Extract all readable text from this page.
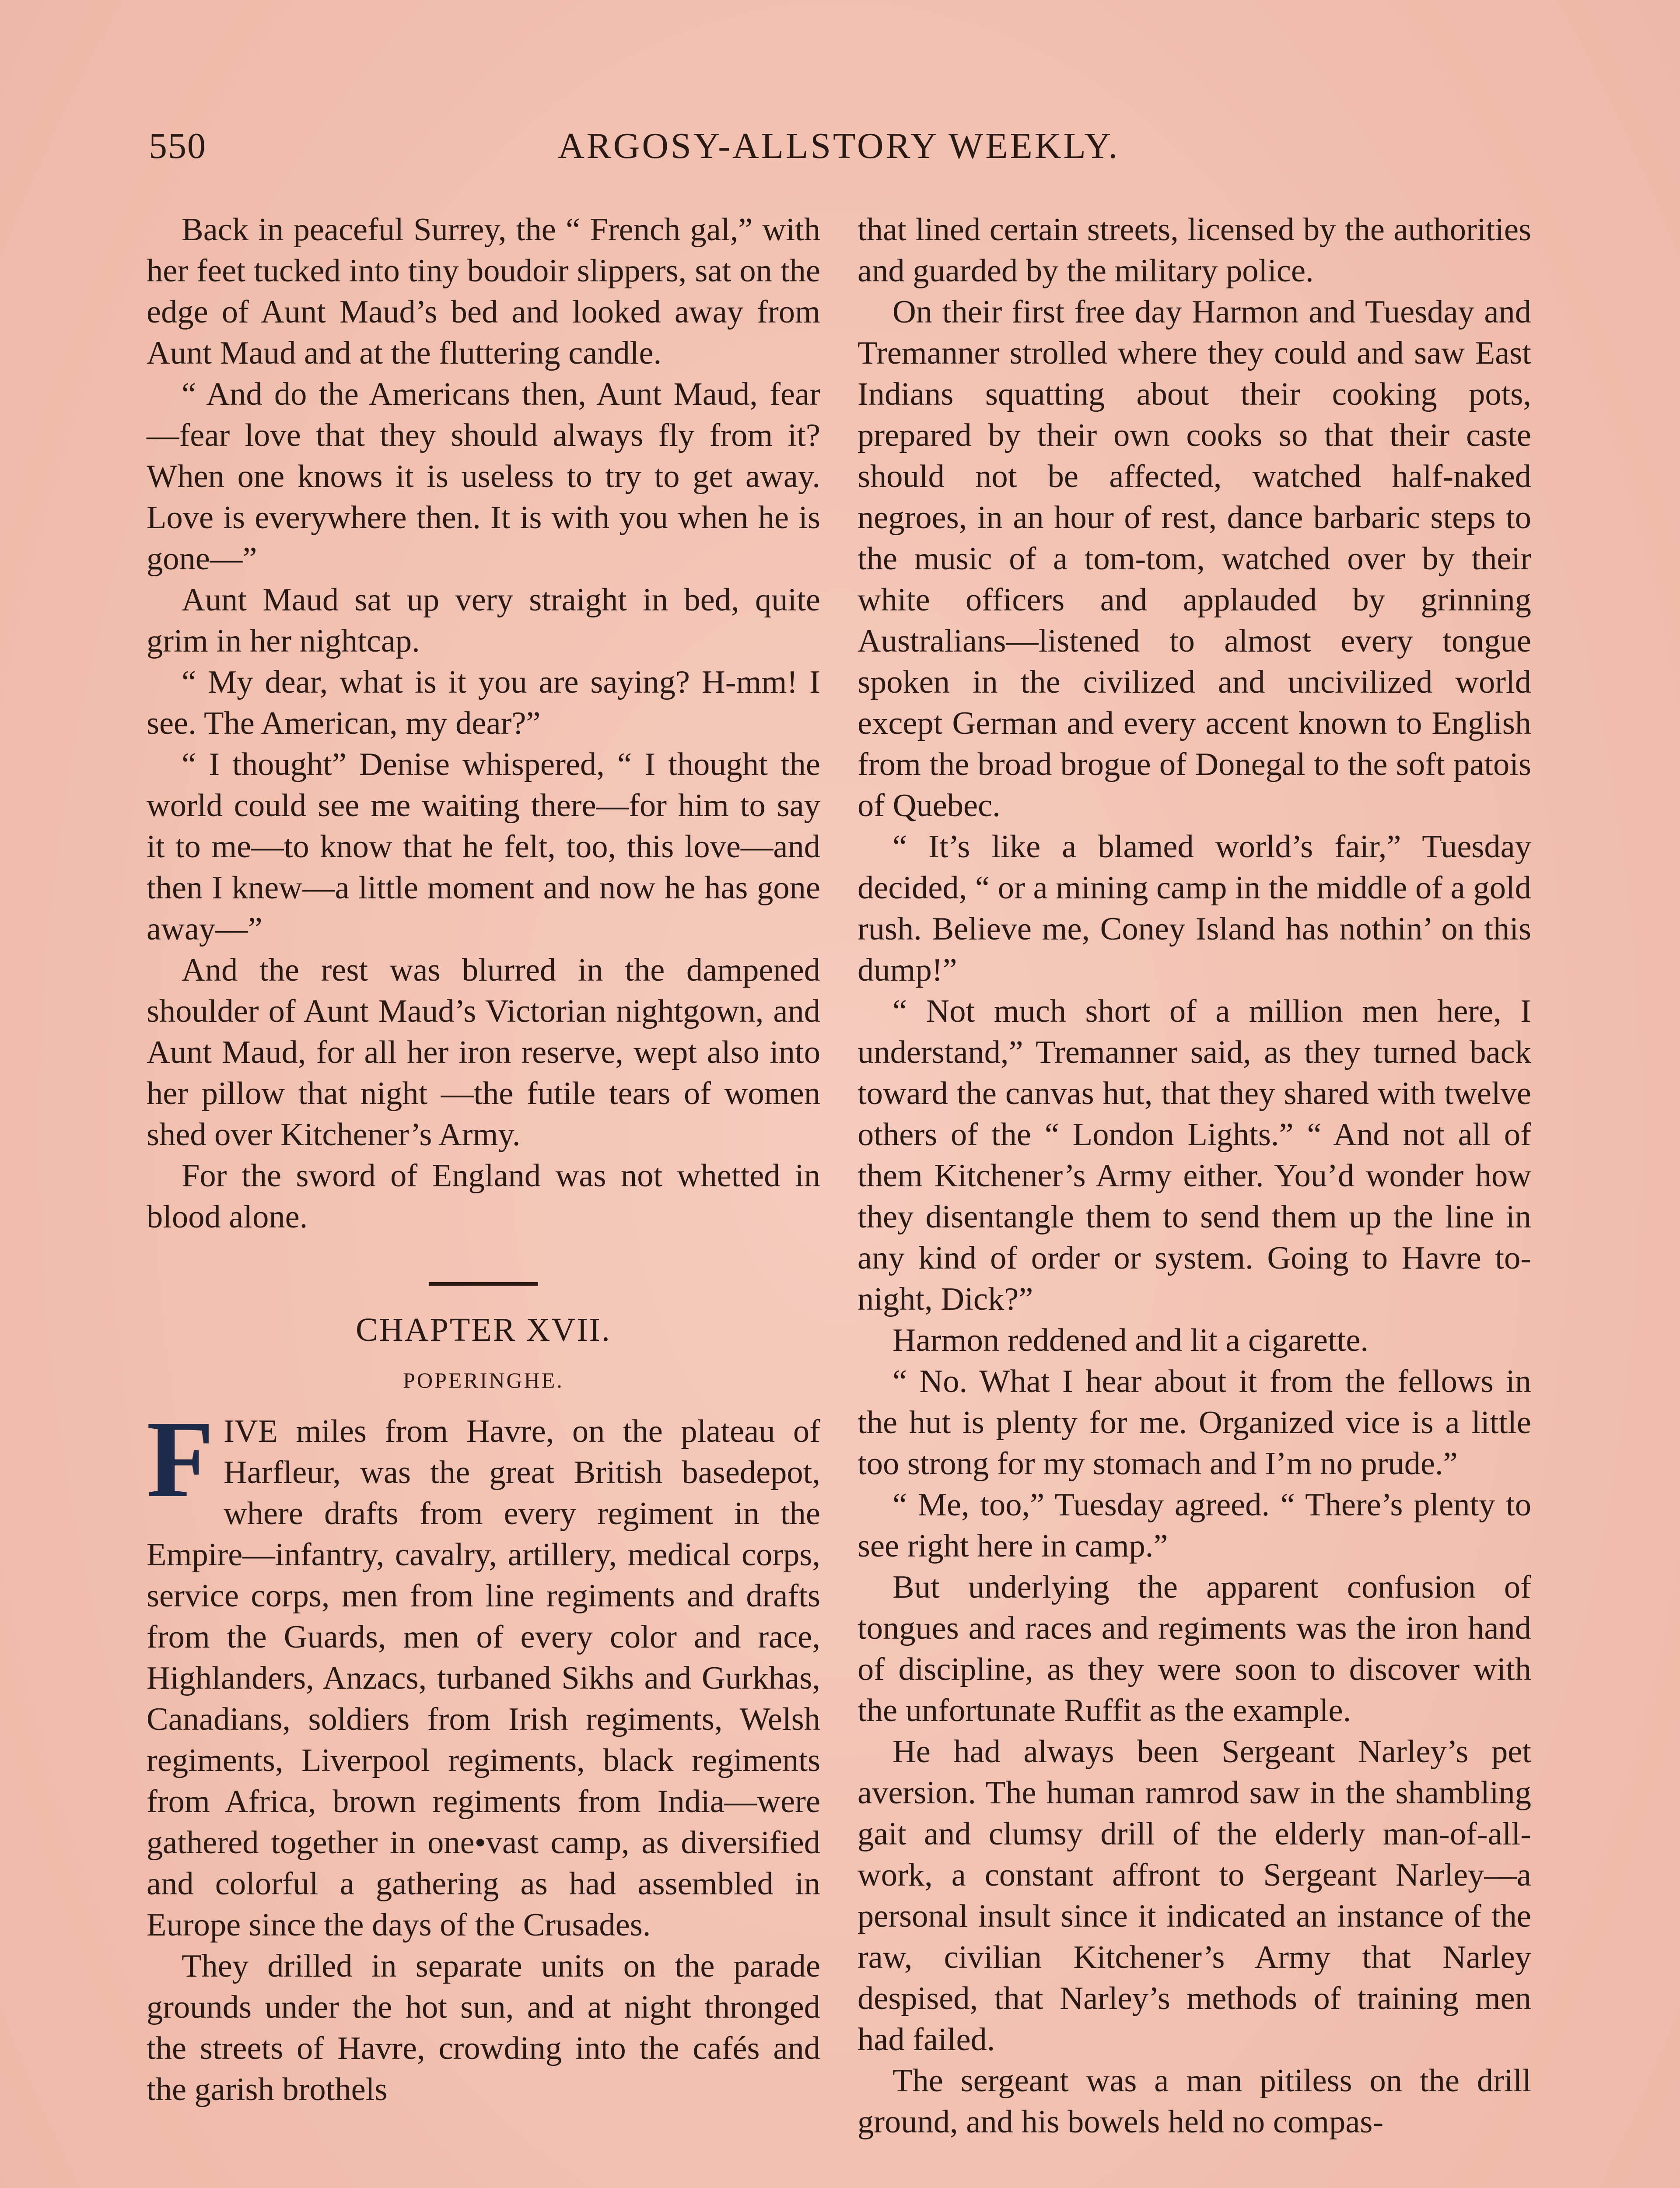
550	ARGOSY-ALLSTORY WEEKLY.

Back in peaceful Surrey, the “ French gal,” with her feet tucked into tiny boudoir slippers, sat on the edge of Aunt Maud’s bed and looked away from Aunt Maud and at the fluttering candle.

“ And do the Americans then, Aunt Maud, fear—fear love that they should always fly from it? When one knows it is useless to try to get away. Love is everywhere then. It is with you when he is gone—”

Aunt Maud sat up very straight in bed, quite grim in her nightcap.

“ My dear, what is it you are saying? H-mm! I see. The American, my dear?”

“ I thought” Denise whispered, “ I thought the world could see me waiting there—for him to say it to me—to know that he felt, too, this love—and then I knew—a little moment and now he has gone away—”

And the rest was blurred in the dampened shoulder of Aunt Maud’s Victorian nightgown, and Aunt Maud, for all her iron reserve, wept also into her pillow that night —the futile tears of women shed over Kitchener’s Army.

For the sword of England was not whetted in blood alone.

CHAPTER XVII.
POPERINGHE.

FIVE miles from Havre, on the plateau of Harfleur, was the great British basedepot, where drafts from every regiment in the Empire—infantry, cavalry, artillery, medical corps, service corps, men from line regiments and drafts from the Guards, men of every color and race, Highlanders, Anzacs, turbaned Sikhs and Gurkhas, Canadians, soldiers from Irish regiments, Welsh regiments, Liverpool regiments, black regiments from Africa, brown regiments from India—were gathered together in one•vast camp, as diversified and colorful a gathering as had assembled in Europe since the days of the Crusades.

They drilled in separate units on the parade grounds under the hot sun, and at night thronged the streets of Havre, crowding into the cafés and the garish brothels

that lined certain streets, licensed by the authorities and guarded by the military police.

On their first free day Harmon and Tuesday and Tremanner strolled where they could and saw East Indians squatting about their cooking pots, prepared by their own cooks so that their caste should not be affected, watched half-naked negroes, in an hour of rest, dance barbaric steps to the music of a tom-tom, watched over by their white officers and applauded by grinning Australians—listened to almost every tongue spoken in the civilized and uncivilized world except German and every accent known to English from the broad brogue of Donegal to the soft patois of Quebec.

“ It’s like a blamed world’s fair,” Tuesday decided, “ or a mining camp in the middle of a gold rush. Believe me, Coney Island has nothin’ on this dump!”

“ Not much short of a million men here, I understand,” Tremanner said, as they turned back toward the canvas hut, that they shared with twelve others of the “ London Lights.” “ And not all of them Kitchener’s Army either. You’d wonder how they disentangle them to send them up the line in any kind of order or system. Going to Havre to-night, Dick?”

Harmon reddened and lit a cigarette.

“ No. What I hear about it from the fellows in the hut is plenty for me. Organized vice is a little too strong for my stomach and I’m no prude.”

“ Me, too,” Tuesday agreed. “ There’s plenty to see right here in camp.”

But underlying the apparent confusion of tongues and races and regiments was the iron hand of discipline, as they were soon to discover with the unfortunate Ruffit as the example.

He had always been Sergeant Narley’s pet aversion. The human ramrod saw in the shambling gait and clumsy drill of the elderly man-of-all-work, a constant affront to Sergeant Narley—a personal insult since it indicated an instance of the raw, civilian Kitchener’s Army that Narley despised, that Narley’s methods of training men had failed.

The sergeant was a man pitiless on the drill ground, and his bowels held no compas-
